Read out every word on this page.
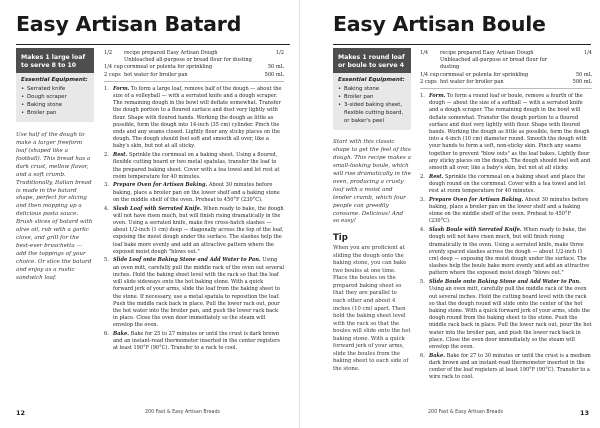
Easy Artisan Batard
Makes 1 large loaf to serve 8 to 10
Essential Equipment:
• Serrated knife
• Dough scraper
• Baking stone
• Broiler pan
Use half of the dough to make a larger freeform loaf (shaped like a football). This bread has a dark crust, mellow flavor, and a soft crumb. Traditionally, Italian bread is made in the batard shape, perfect for slicing and then mopping up a delicious pasta sauce. Brush slices of batard with olive oil, rub with a garlic clove, and grill for the best-ever bruschetta — add the toppings of your choice. Or slice the batard and enjoy as a rustic sandwich loaf.
1/2	recipe prepared Easy Artisan Dough	1/2
Unbleached all-purpose or bread flour for dusting
1/4 cup cornmeal or polenta for sprinkling	50 mL
2 cups hot water for broiler pan	500 mL
1. Form. To form a large loaf, remove half of the dough — about the size of a volleyball — with a serrated knife and a dough scraper. The remaining dough in the bowl will deflate somewhat. Transfer the dough portion to a floured surface and dust very lightly with flour. Shape with floured hands. Working the dough as little as possible, form the dough into 14-inch (35 cm) cylinder. Pinch the ends and any seams closed. Lightly flour any sticky places on the dough. The dough should feel soft and smooth all over, like a baby's skin, but not at all sticky.
2. Rest. Sprinkle the cornmeal on a baking sheet. Using a floured, flexible cutting board or two metal spatulas, transfer the loaf to the prepared baking sheet. Cover with a tea towel and let rest at room temperature for 40 minutes.
3. Prepare Oven for Artisan Baking. About 30 minutes before baking, place a broiler pan on the lower shelf and a baking stone on the middle shelf of the oven. Preheat to 450°F (230°C).
4. Slash Loaf with Serrated Knife. When ready to bake, the dough will not have risen much, but will finish rising dramatically in the oven. Using a serrated knife, make five cross-hatch slashes — about 1/2-inch (1 cm) deep — diagonally across the top of the loaf, exposing the moist dough under the surface. The slashes help the loaf bake more evenly and add an attractive pattern where the exposed moist dough "blows out."
5. Slide Loaf onto Baking Stone and Add Water to Pan. Using an oven mitt, carefully pull the middle rack of the oven out several inches. Hold the baking sheet level with the rack so that the loaf will slide sideways onto the hot baking stone. With a quick forward jerk of your arms, slide the loaf from the baking sheet to the stone. If necessary, use a metal spatula to reposition the loaf. Push the middle rack back in place. Pull the lower rack out, pour the hot water into the broiler pan, and push the lower rack back in place. Close the oven door immediately so the steam will envelop the oven.
6. Bake. Bake for 25 to 27 minutes or until the crust is dark brown and an instant-read thermometer inserted in the center registers at least 190°F (90°C). Transfer to a rack to cool.
12	200 Fast & Easy Artisan Breads
Easy Artisan Boule
Makes 1 round loaf or boule to serve 4
Essential Equipment:
• Baking stone
• Broiler pan
• 3-sided baking sheet, flexible cutting board, or baker's peel
Start with this classic shape to get the feel of this dough. This recipe makes a small-looking boule, which will rise dramatically in the oven, producing a crusty loaf with a moist and tender crumb, which four people can greedily consume. Delicious! And so easy!
Tip
When you are proficient at sliding the dough onto the baking stone, you can bake two boules at one time. Place the boules on the prepared baking sheet so that they are parallel to each other and about 4 inches (10 cm) apart. Then hold the baking sheet level with the rack so that the boules will slide onto the hot baking stone. With a quick forward jerk of your arms, slide the boules from the baking sheet to each side of the stone.
1/4	recipe prepared Easy Artisan Dough	1/4
Unbleached all-purpose or bread flour for dusting
1/4 cup cornmeal or polenta for sprinkling	50 mL
2 cups hot water for broiler pan	500 mL
1. Form. To form a round loaf or boule, remove a fourth of the dough — about the size of a softball — with a serrated knife and a dough scraper. The remaining dough in the bowl will deflate somewhat. Transfer the dough portion to a floured surface and dust very lightly with flour. Shape with floured hands. Working the dough as little as possible, form the dough into a 4-inch (10 cm) diameter round. Smooth the dough with your hands to form a soft, non-sticky skin. Pinch any seams together to prevent "blow outs" as the loaf bakes. Lightly flour any sticky places on the dough. The dough should feel soft and smooth all over, like a baby's skin, but not at all sticky.
2. Rest. Sprinkle the cornmeal on a baking sheet and place the dough round on the cornmeal. Cover with a tea towel and let rest at room temperature for 40 minutes.
3. Prepare Oven for Artisan Baking. About 30 minutes before baking, place a broiler pan on the lower shelf and a baking stone on the middle shelf of the oven. Preheat to 450°F (230°C).
4. Slash Boule with Serrated Knife. When ready to bake, the dough will not have risen much, but will finish rising dramatically in the oven. Using a serrated knife, make three evenly spaced slashes across the dough — about 1/2-inch (1 cm) deep — exposing the moist dough under the surface. The slashes help the boule bake more evenly and add an attractive pattern where the exposed moist dough "blows out."
5. Slide Boule onto Baking Stone and Add Water to Pan. Using an oven mitt, carefully pull the middle rack of the oven out several inches. Hold the cutting board level with the rack so that the dough round will slide onto the center of the hot baking stone. With a quick forward jerk of your arms, slide the dough round from the baking sheet to the stone. Push the middle rack back in place. Pull the lower rack out, pour the hot water into the broiler pan, and push the lower rack back in place. Close the oven door immediately so the steam will envelop the oven.
6. Bake. Bake for 27 to 30 minutes or until the crust is a medium dark brown and an instant-read thermometer inserted in the center of the loaf registers at least 190°F (90°C). Transfer to a wire rack to cool.
200 Fast & Easy Artisan Breads	13
